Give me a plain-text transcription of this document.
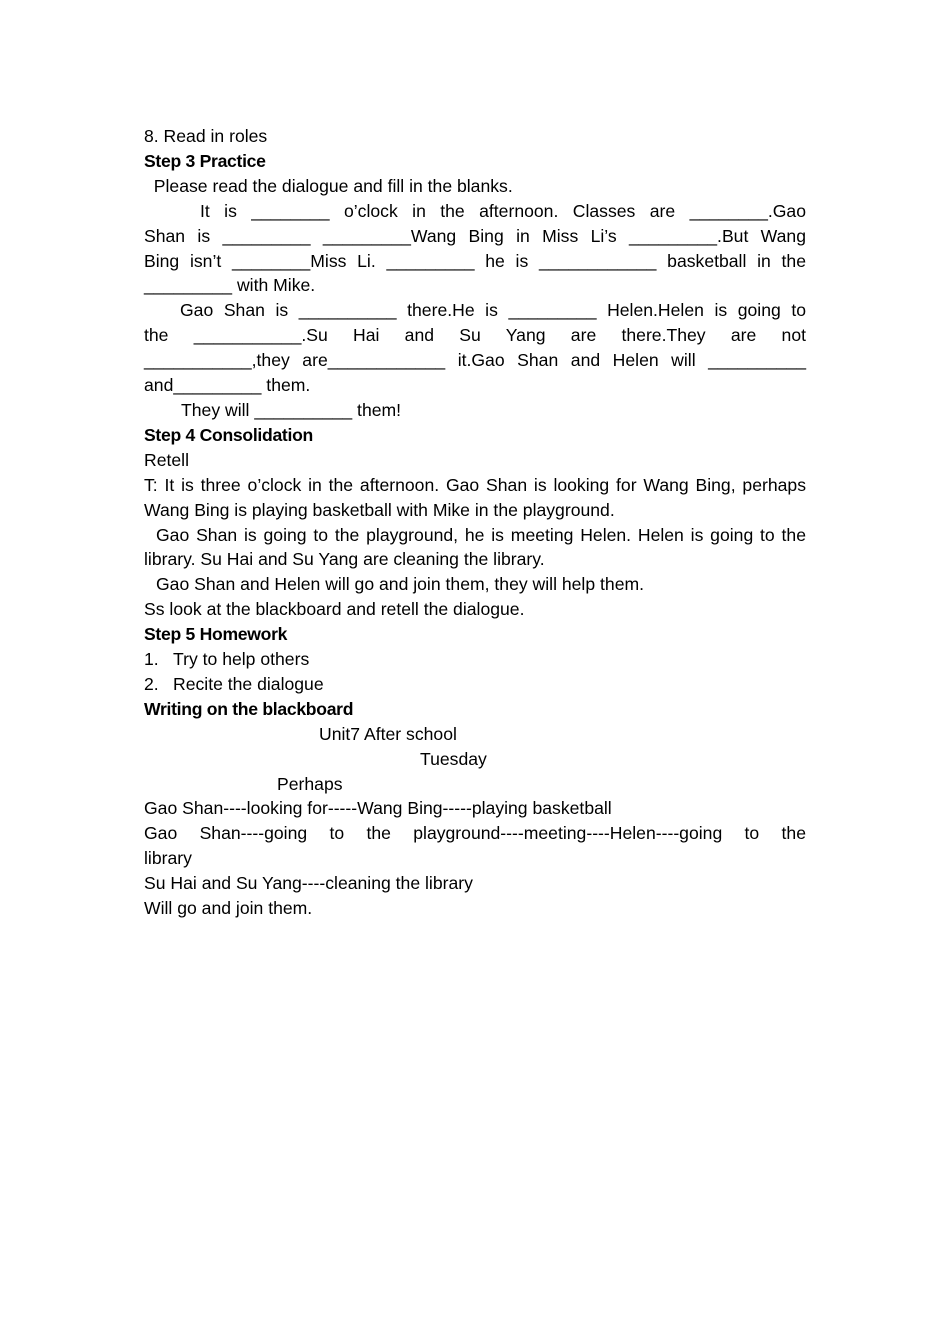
8. Read in roles
Step 3 Practice
Please read the dialogue and fill in the blanks.
It is ________ o’clock in the afternoon. Classes are ________.Gao
Shan is _________ _________Wang Bing in Miss Li’s _________.But Wang
Bing isn’t ________Miss Li. _________ he is ____________ basketball in the
_________ with Mike.
Gao Shan is __________ there.He is _________ Helen.Helen is going to
the ___________.Su Hai and Su Yang are there.They are not
___________,they are____________ it.Gao Shan and Helen will __________
and_________ them.
They will __________ them!
Step 4 Consolidation
Retell
T: It is three o’clock in the afternoon. Gao Shan is looking for Wang Bing, perhaps Wang Bing is playing basketball with Mike in the playground.
Gao Shan is going to the playground, he is meeting Helen. Helen is going to the library. Su Hai and Su Yang are cleaning the library.
Gao Shan and Helen will go and join them, they will help them.
Ss look at the blackboard and retell the dialogue.
Step 5 Homework
1. Try to help others
2. Recite the dialogue
Writing on the blackboard
Unit7 After school
Tuesday
Perhaps
Gao Shan----looking for-----Wang Bing-----playing basketball
Gao Shan----going to the playground----meeting----Helen----going to the
library
Su Hai and Su Yang----cleaning the library
Will go and join them.
